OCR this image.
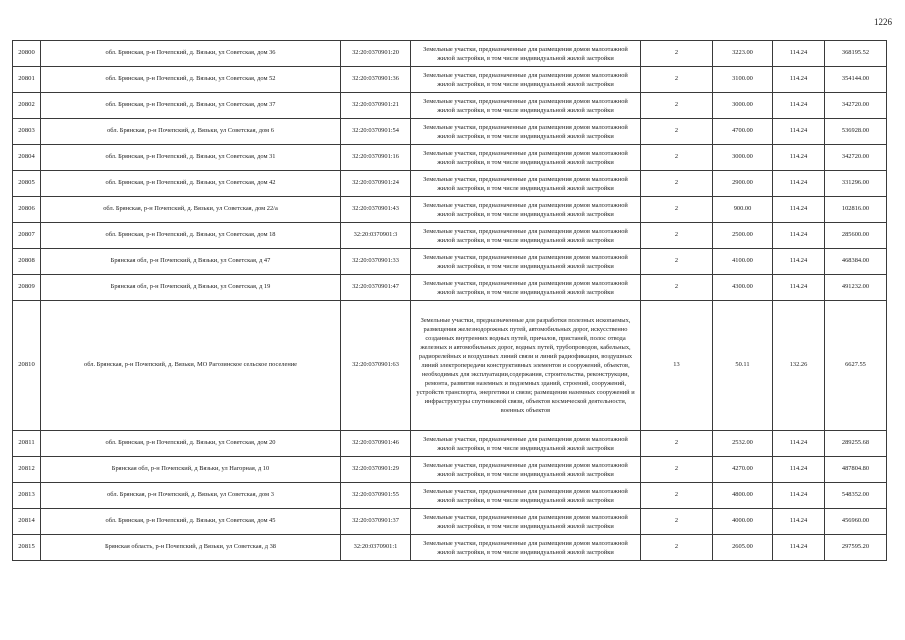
1226
20800	обл. Брянская, р-н Почепский, д. Вязьки, ул Советская, дом 36	32:20:0370901:20	Земельные участки, предназначенные для размещения домов малоэтажной жилой застройки, в том числе индивидуальной жилой застройки	2	3223.00	114.24	368195.52
20801	обл. Брянская, р-н Почепский, д. Вязьки, ул Советская, дом 52	32:20:0370901:36	Земельные участки, предназначенные для размещения домов малоэтажной жилой застройки, в том числе индивидуальной жилой застройки	2	3100.00	114.24	354144.00
20802	обл. Брянская, р-н Почепский, д. Вязьки, ул Советская, дом 37	32:20:0370901:21	Земельные участки, предназначенные для размещения домов малоэтажной жилой застройки, в том числе индивидуальной жилой застройки	2	3000.00	114.24	342720.00
20803	обл. Брянская, р-н Почепский, д. Вязьки, ул Советская, дом 6	32:20:0370901:54	Земельные участки, предназначенные для размещения домов малоэтажной жилой застройки, в том числе индивидуальной жилой застройки	2	4700.00	114.24	536928.00
20804	обл. Брянская, р-н Почепский, д. Вязьки, ул Советская, дом 31	32:20:0370901:16	Земельные участки, предназначенные для размещения домов малоэтажной жилой застройки, в том числе индивидуальной жилой застройки	2	3000.00	114.24	342720.00
20805	обл. Брянская, р-н Почепский, д. Вязьки, ул Советская, дом 42	32:20:0370901:24	Земельные участки, предназначенные для размещения домов малоэтажной жилой застройки, в том числе индивидуальной жилой застройки	2	2900.00	114.24	331296.00
20806	обл. Брянская, р-н Почепский, д. Вязьки, ул Советская, дом 22/а	32:20:0370901:43	Земельные участки, предназначенные для размещения домов малоэтажной жилой застройки, в том числе индивидуальной жилой застройки	2	900.00	114.24	102816.00
20807	обл. Брянская, р-н Почепский, д. Вязьки, ул Советская, дом 18	32:20:0370901:3	Земельные участки, предназначенные для размещения домов малоэтажной жилой застройки, в том числе индивидуальной жилой застройки	2	2500.00	114.24	285600.00
20808	Брянская обл, р-н Почепский, д Вязьки, ул Советская, д 47	32:20:0370901:33	Земельные участки, предназначенные для размещения домов малоэтажной жилой застройки, в том числе индивидуальной жилой застройки	2	4100.00	114.24	468384.00
20809	Брянская обл, р-н Почепский, д Вязьки, ул Советская, д 19	32:20:0370901:47	Земельные участки, предназначенные для размещения домов малоэтажной жилой застройки, в том числе индивидуальной жилой застройки	2	4300.00	114.24	491232.00
20810	обл. Брянская, р-н Почепский, д. Вязьки, МО Рагозинское сельское поселение	32:20:0370901:63	Земельные участки, предназначенные для разработки полезных ископаемых, размещения железнодорожных путей, автомобильных дорог, искусственно созданных внутренних водных путей, причалов, пристаней, полос отвода железных и автомобильных дорог, водных путей, трубопроводов, кабельных, радиорелейных и воздушных линий связи и линий радиофикации, воздушных линий электропередачи конструктивных элементов и сооружений, объектов, необходимых для эксплуатации,содержания, строительства, реконструкции, ремонта, развития наземных и подземных зданий, строений, сооружений, устройств транспорта, энергетики и связи; размещения наземных сооружений и инфраструктуры спутниковой связи, объектов космической деятельности, военных объектов	13	50.11	132.26	6627.55
20811	обл. Брянская, р-н Почепский, д. Вязьки, ул Советская, дом 20	32:20:0370901:46	Земельные участки, предназначенные для размещения домов малоэтажной жилой застройки, в том числе индивидуальной жилой застройки	2	2532.00	114.24	289255.68
20812	Брянская обл, р-н Почепский, д Вязьки, ул Нагорная, д 10	32:20:0370901:29	Земельные участки, предназначенные для размещения домов малоэтажной жилой застройки, в том числе индивидуальной жилой застройки	2	4270.00	114.24	487804.80
20813	обл. Брянская, р-н Почепский, д. Вязьки, ул Советская, дом 3	32:20:0370901:55	Земельные участки, предназначенные для размещения домов малоэтажной жилой застройки, в том числе индивидуальной жилой застройки	2	4800.00	114.24	548352.00
20814	обл. Брянская, р-н Почепский, д. Вязьки, ул Советская, дом 45	32:20:0370901:37	Земельные участки, предназначенные для размещения домов малоэтажной жилой застройки, в том числе индивидуальной жилой застройки	2	4000.00	114.24	456960.00
20815	Брянская область, р-н Почепский, д Вязьки, ул Советская, д 38	32:20:0370901:1	Земельные участки, предназначенные для размещения домов малоэтажной жилой застройки, в том числе индивидуальной жилой застройки	2	2605.00	114.24	297595.20
